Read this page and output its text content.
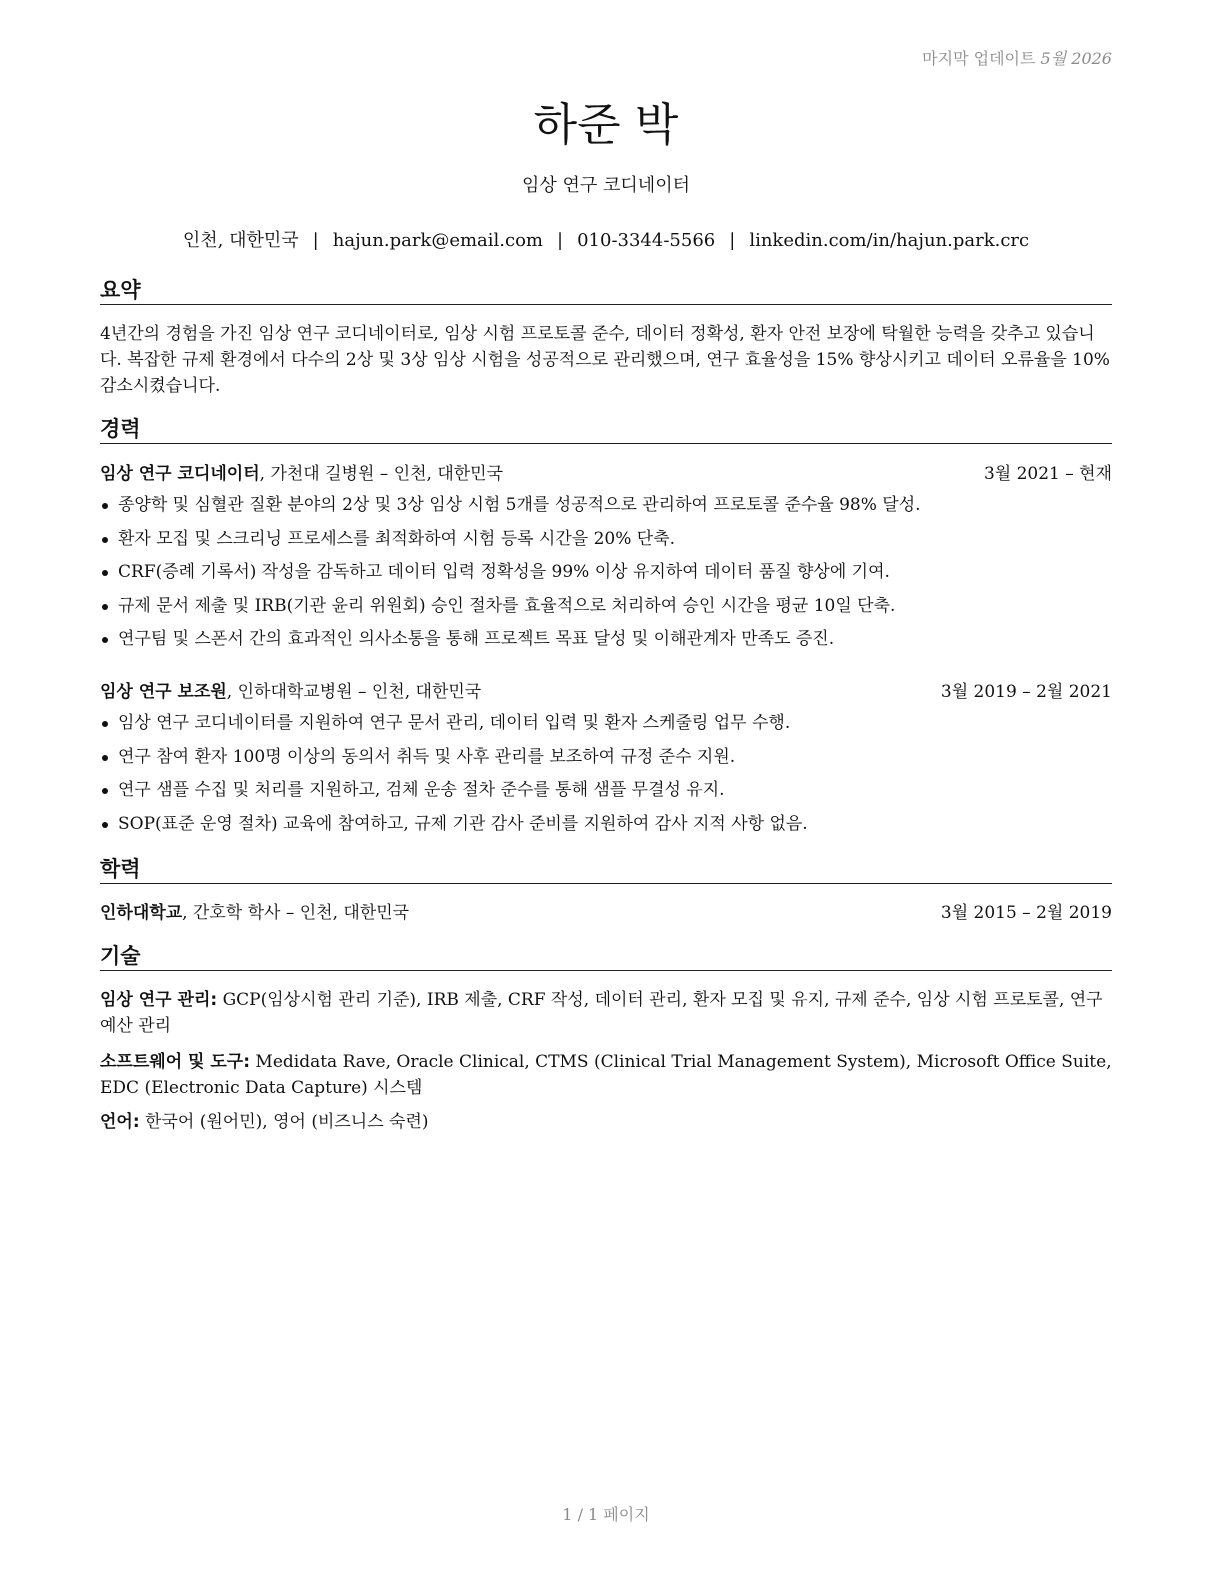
마지막 업데이트 5월 2026
하준 박
임상 연구 코디네이터
인천, 대한민국 | hajun.park@email.com | 010-3344-5566 | linkedin.com/in/hajun.park.crc
요약
4년간의 경험을 가진 임상 연구 코디네이터로, 임상 시험 프로토콜 준수, 데이터 정확성, 환자 안전 보장에 탁월한 능력을 갖추고 있습니다. 복잡한 규제 환경에서 다수의 2상 및 3상 임상 시험을 성공적으로 관리했으며, 연구 효율성을 15% 향상시키고 데이터 오류율을 10% 감소시켰습니다.
경력
임상 연구 코디네이터, 가천대 길병원 – 인천, 대한민국	3월 2021 – 현재
종양학 및 심혈관 질환 분야의 2상 및 3상 임상 시험 5개를 성공적으로 관리하여 프로토콜 준수율 98% 달성.
환자 모집 및 스크리닝 프로세스를 최적화하여 시험 등록 시간을 20% 단축.
CRF(증례 기록서) 작성을 감독하고 데이터 입력 정확성을 99% 이상 유지하여 데이터 품질 향상에 기여.
규제 문서 제출 및 IRB(기관 윤리 위원회) 승인 절차를 효율적으로 처리하여 승인 시간을 평균 10일 단축.
연구팀 및 스폰서 간의 효과적인 의사소통을 통해 프로젝트 목표 달성 및 이해관계자 만족도 증진.
임상 연구 보조원, 인하대학교병원 – 인천, 대한민국	3월 2019 – 2월 2021
임상 연구 코디네이터를 지원하여 연구 문서 관리, 데이터 입력 및 환자 스케줄링 업무 수행.
연구 참여 환자 100명 이상의 동의서 취득 및 사후 관리를 보조하여 규정 준수 지원.
연구 샘플 수집 및 처리를 지원하고, 검체 운송 절차 준수를 통해 샘플 무결성 유지.
SOP(표준 운영 절차) 교육에 참여하고, 규제 기관 감사 준비를 지원하여 감사 지적 사항 없음.
학력
인하대학교, 간호학 학사 – 인천, 대한민국	3월 2015 – 2월 2019
기술
임상 연구 관리: GCP(임상시험 관리 기준), IRB 제출, CRF 작성, 데이터 관리, 환자 모집 및 유지, 규제 준수, 임상 시험 프로토콜, 연구 예산 관리
소프트웨어 및 도구: Medidata Rave, Oracle Clinical, CTMS (Clinical Trial Management System), Microsoft Office Suite, EDC (Electronic Data Capture) 시스템
언어: 한국어 (원어민), 영어 (비즈니스 숙련)
1 / 1 페이지
